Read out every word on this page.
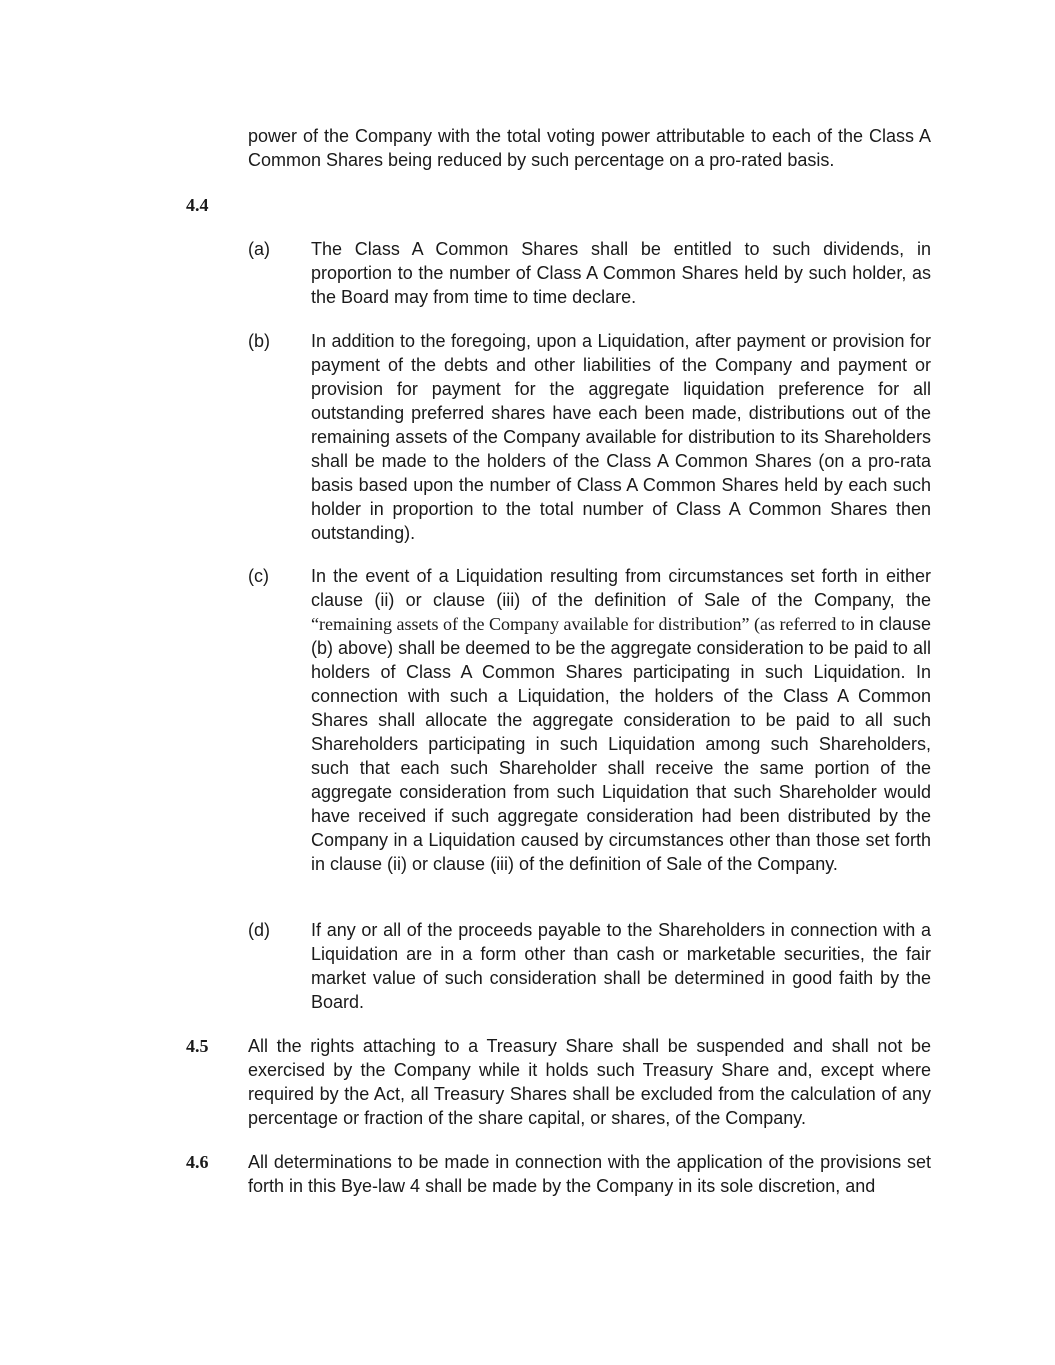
power of the Company with the total voting power attributable to each of the Class A Common Shares being reduced by such percentage on a pro-rated basis.

4.4
(a) The Class A Common Shares shall be entitled to such dividends, in proportion to the number of Class A Common Shares held by such holder, as the Board may from time to time declare.

(b) In addition to the foregoing, upon a Liquidation, after payment or provision for payment of the debts and other liabilities of the Company and payment or provision for payment for the aggregate liquidation preference for all outstanding preferred shares have each been made, distributions out of the remaining assets of the Company available for distribution to its Shareholders shall be made to the holders of the Class A Common Shares (on a pro-rata basis based upon the number of Class A Common Shares held by each such holder in proportion to the total number of Class A Common Shares then outstanding).

(c) In the event of a Liquidation resulting from circumstances set forth in either clause (ii) or clause (iii) of the definition of Sale of the Company, the “remaining assets of the Company available for distribution” (as referred to in clause (b) above) shall be deemed to be the aggregate consideration to be paid to all holders of Class A Common Shares participating in such Liquidation. In connection with such a Liquidation, the holders of the Class A Common Shares shall allocate the aggregate consideration to be paid to all such Shareholders participating in such Liquidation among such Shareholders, such that each such Shareholder shall receive the same portion of the aggregate consideration from such Liquidation that such Shareholder would have received if such aggregate consideration had been distributed by the Company in a Liquidation caused by circumstances other than those set forth in clause (ii) or clause (iii) of the definition of Sale of the Company.

(d) If any or all of the proceeds payable to the Shareholders in connection with a Liquidation are in a form other than cash or marketable securities, the fair market value of such consideration shall be determined in good faith by the Board.

4.5 All the rights attaching to a Treasury Share shall be suspended and shall not be exercised by the Company while it holds such Treasury Share and, except where required by the Act, all Treasury Shares shall be excluded from the calculation of any percentage or fraction of the share capital, or shares, of the Company.

4.6 All determinations to be made in connection with the application of the provisions set forth in this Bye-law 4 shall be made by the Company in its sole discretion, and
